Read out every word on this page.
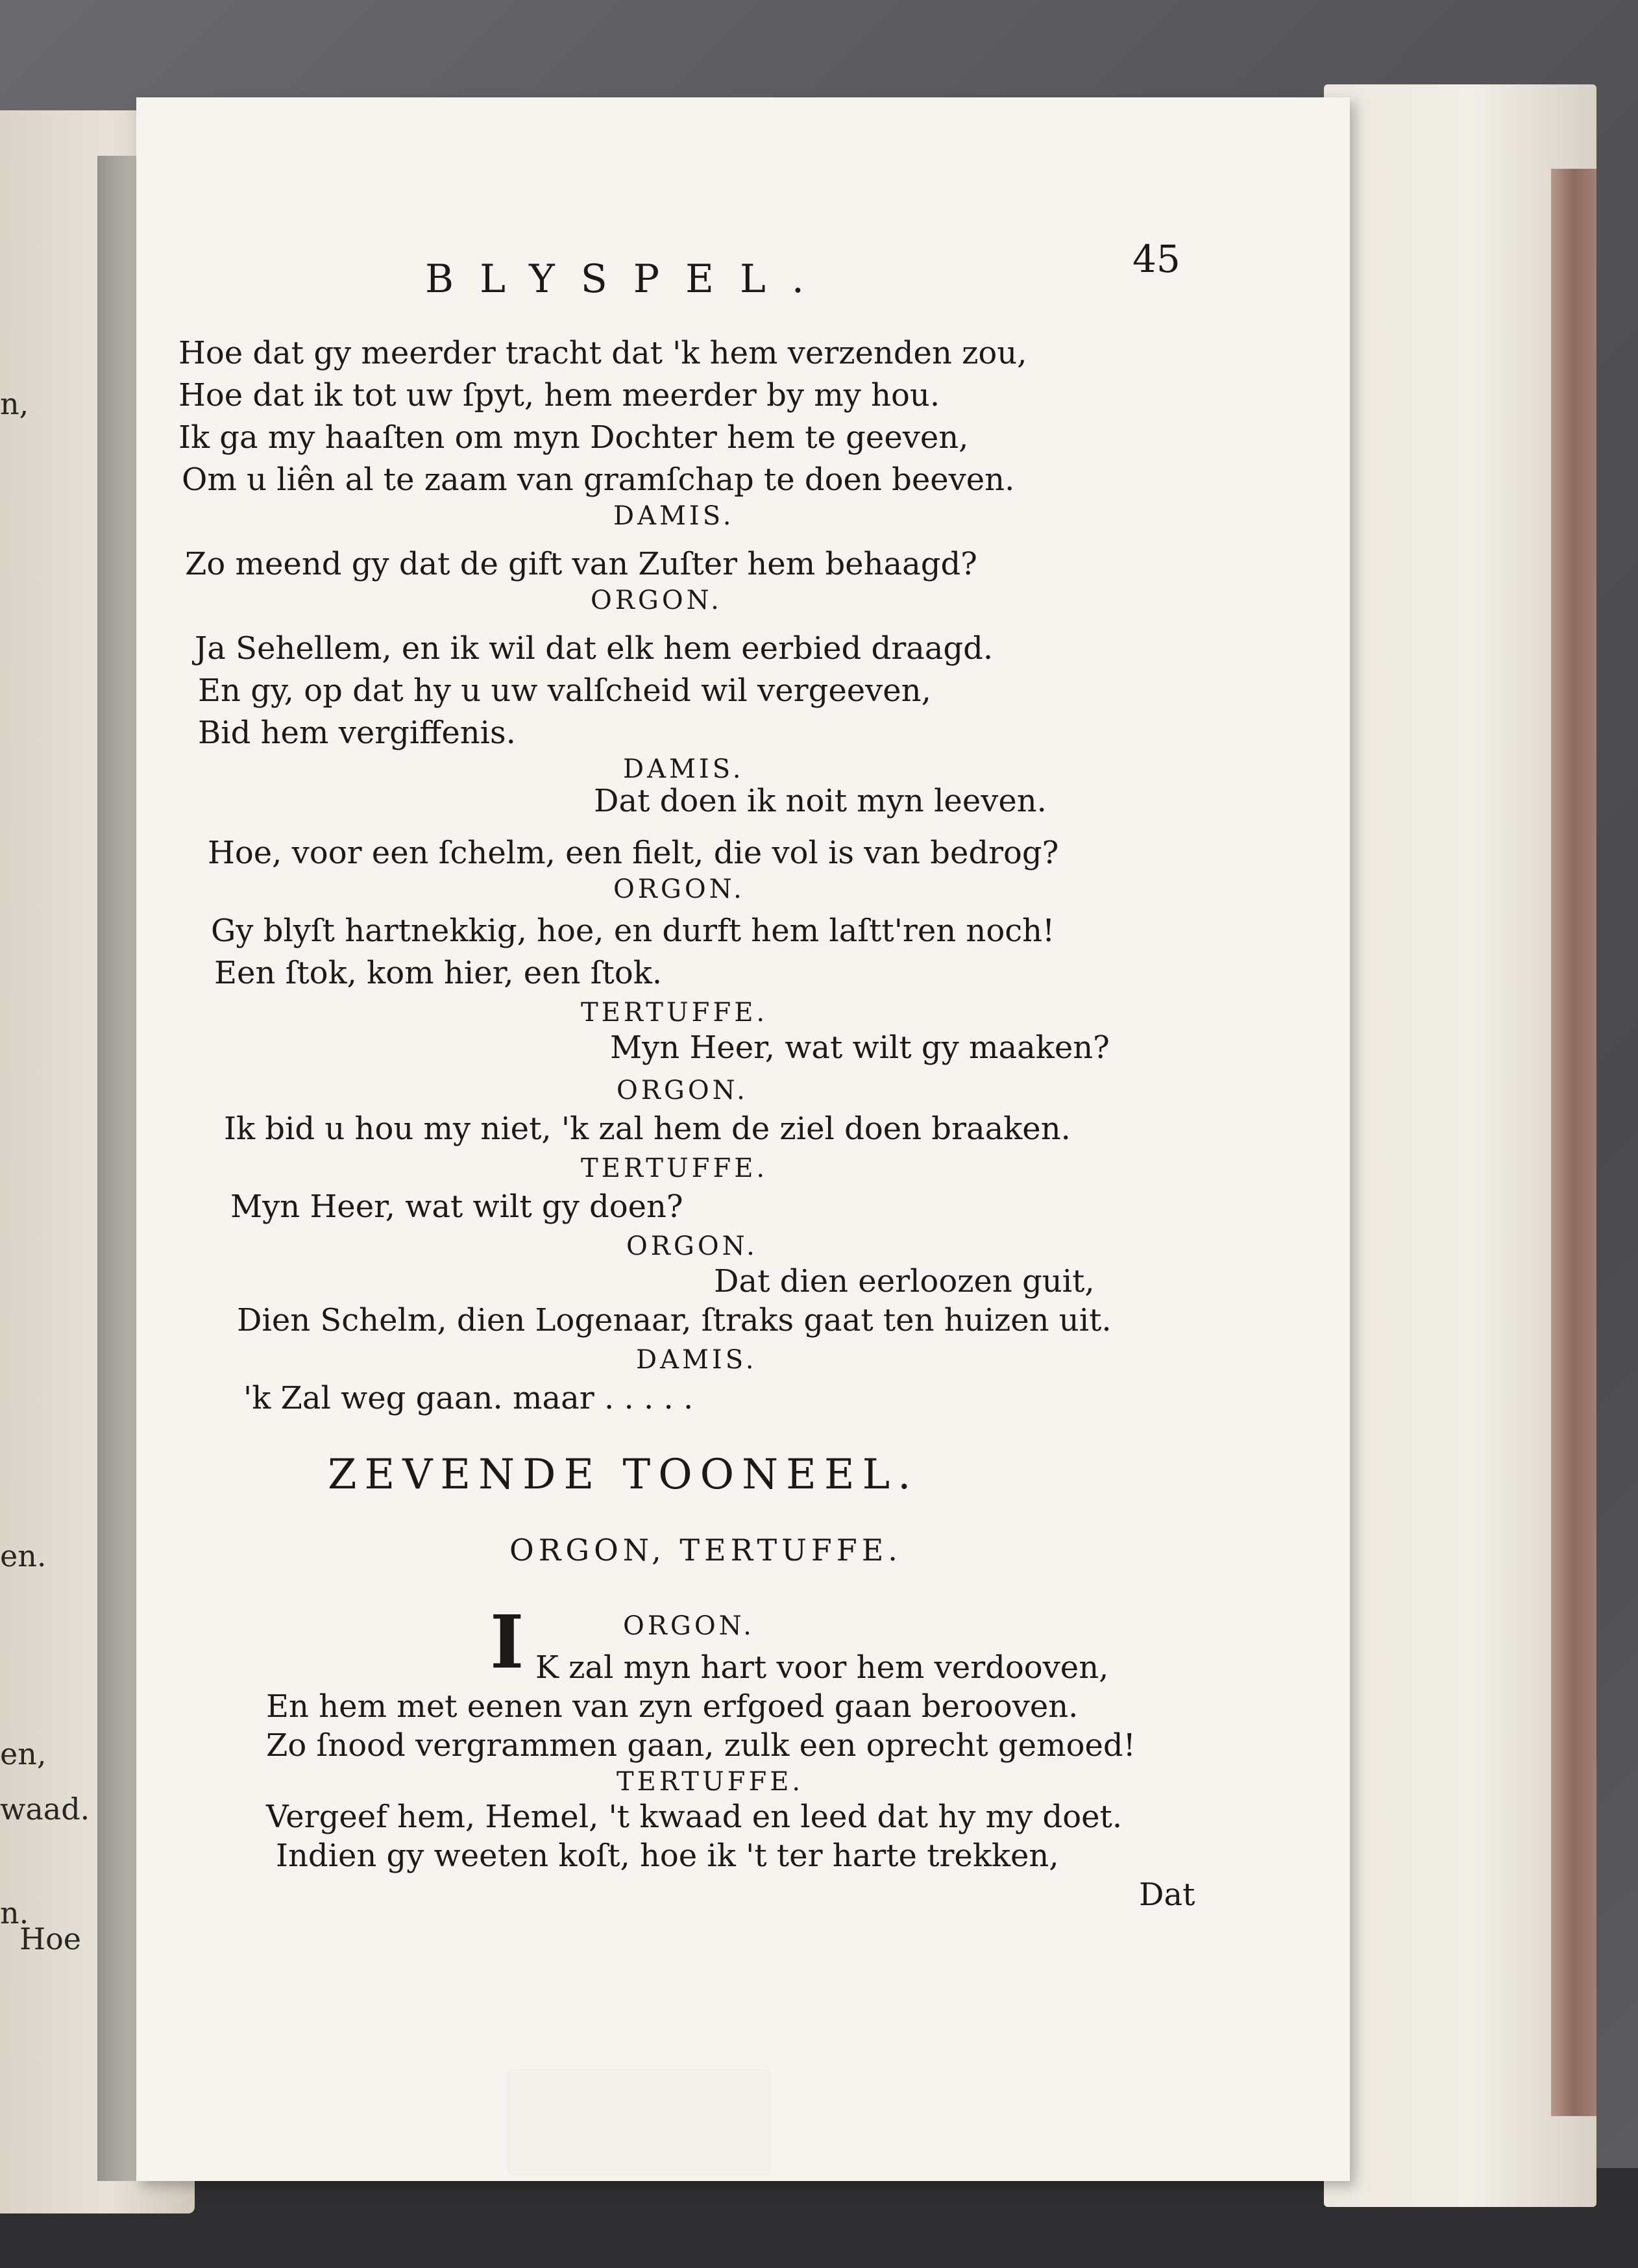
n,
en.
en,
waad.
n.
Hoe
BLYSPEL.	45
Hoe dat gy meerder tracht dat 'k hem verzenden zou,
Hoe dat ik tot uw ſpyt, hem meerder by my hou.
Ik ga my haaſten om myn Dochter hem te geeven,
Om u liên al te zaam van gramſchap te doen beeven.
DAMIS.
Zo meend gy dat de gift van Zuſter hem behaagd?
ORGON.
Ja Sehellem, en ik wil dat elk hem eerbied draagd.
En gy, op dat hy u uw valſcheid wil vergeeven,
Bid hem vergiffenis.
DAMIS.
Dat doen ik noit myn leeven.
Hoe, voor een ſchelm, een fielt, die vol is van bedrog?
ORGON.
Gy blyſt hartnekkig, hoe, en durft hem laſtt'ren noch!
Een ſtok, kom hier, een ſtok.
TERTUFFE.
Myn Heer, wat wilt gy maaken?
ORGON.
Ik bid u hou my niet, 'k zal hem de ziel doen braaken.
TERTUFFE.
Myn Heer, wat wilt gy doen?
ORGON.
Dat dien eerloozen guit,
Dien Schelm, dien Logenaar, ſtraks gaat ten huizen uit.
DAMIS.
'k Zal weg gaan. maar . . . . .
ZEVENDE TOONEEL.
ORGON, TERTUFFE.
ORGON.
I K zal myn hart voor hem verdooven,
En hem met eenen van zyn erfgoed gaan berooven.
Zo ſnood vergrammen gaan, zulk een oprecht gemoed!
TERTUFFE.
Vergeef hem, Hemel, 't kwaad en leed dat hy my doet.
Indien gy weeten koſt, hoe ik 't ter harte trekken,
Dat
